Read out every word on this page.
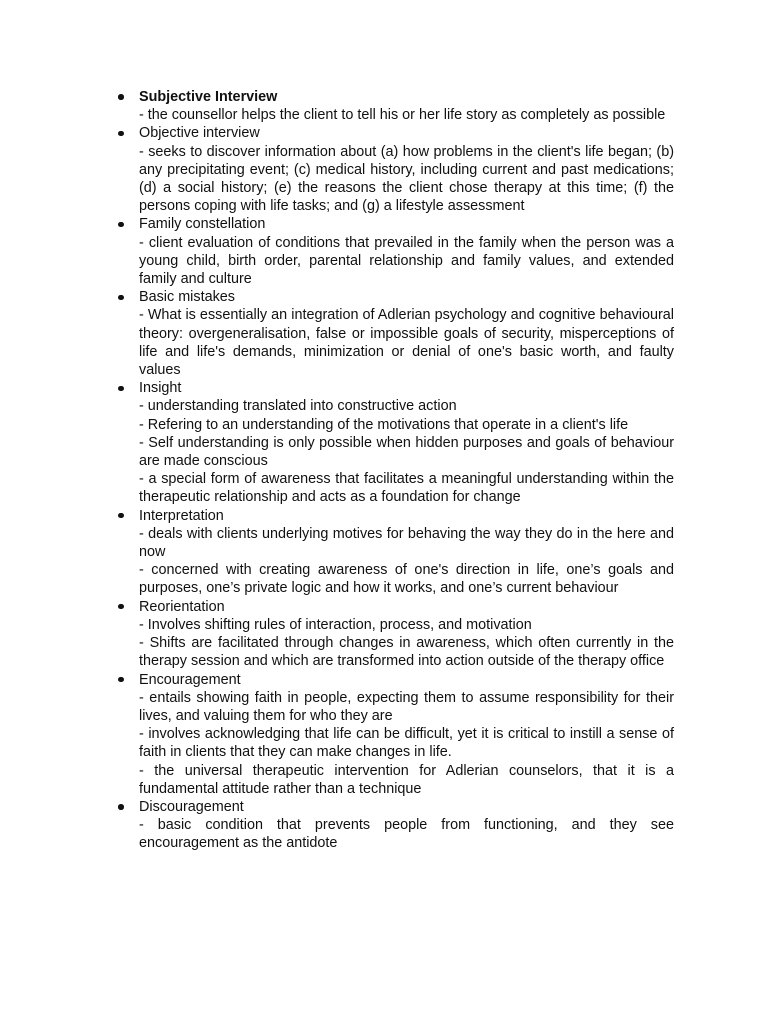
Subjective Interview
- the counsellor helps the client to tell his or her life story as completely as possible
Objective interview
- seeks to discover information about (a) how problems in the client's life began; (b) any precipitating event; (c) medical history, including current and past medications; (d) a social history; (e) the reasons the client chose therapy at this time; (f) the persons coping with life tasks; and (g) a lifestyle assessment
Family constellation
- client evaluation of conditions that prevailed in the family when the person was a young child, birth order, parental relationship and family values, and extended family and culture
Basic mistakes
- What is essentially an integration of Adlerian psychology and cognitive behavioural theory: overgeneralisation, false or impossible goals of security, misperceptions of life and life's demands, minimization or denial of one's basic worth, and faulty values
Insight
- understanding translated into constructive action
- Refering to an understanding of the motivations that operate in a client's life
- Self understanding is only possible when hidden purposes and goals of behaviour are made conscious
- a special form of awareness that facilitates a meaningful understanding within the therapeutic relationship and acts as a foundation for change
Interpretation
- deals with clients underlying motives for behaving the way they do in the here and now
- concerned with creating awareness of one's direction in life, one’s goals and purposes, one’s private logic and how it works, and one’s current behaviour
Reorientation
- Involves shifting rules of interaction, process, and motivation
- Shifts are facilitated through changes in awareness, which often currently in the therapy session and which are transformed into action outside of the therapy office
Encouragement
- entails showing faith in people, expecting them to assume responsibility for their lives, and valuing them for who they are
- involves acknowledging that life can be difficult, yet it is critical to instill a sense of faith in clients that they can make changes in life.
- the universal therapeutic intervention for Adlerian counselors, that it is a fundamental attitude rather than a technique
Discouragement
- basic condition that prevents people from functioning, and they see encouragement as the antidote
